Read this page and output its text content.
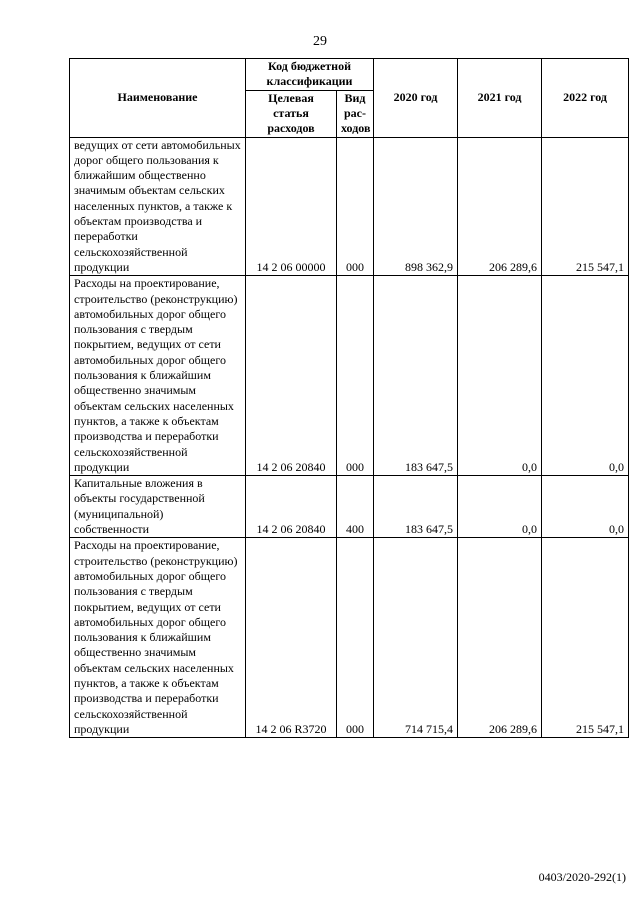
29
Наименование	Код бюджетной классификации		2020 год	2021 год	2022 год
	Целевая статья расходов	Вид рас-ходов			
ведущих от сети автомобильных дорог общего пользования к ближайшим общественно значимым объектам сельских населенных пунктов, а также к объектам производства и переработки сельскохозяйственной продукции	14 2 06 00000	000	898 362,9	206 289,6	215 547,1
Расходы на проектирование, строительство (реконструкцию) автомобильных дорог общего пользования с твердым покрытием, ведущих от сети автомобильных дорог общего пользования к ближайшим общественно значимым объектам сельских населенных пунктов, а также к объектам производства и переработки сельскохозяйственной продукции	14 2 06 20840	000	183 647,5	0,0	0,0
Капитальные вложения в объекты государственной (муниципальной) собственности	14 2 06 20840	400	183 647,5	0,0	0,0
Расходы на проектирование, строительство (реконструкцию) автомобильных дорог общего пользования с твердым покрытием, ведущих от сети автомобильных дорог общего пользования к ближайшим общественно значимым объектам сельских населенных пунктов, а также к объектам производства и переработки сельскохозяйственной продукции	14 2 06 R3720	000	714 715,4	206 289,6	215 547,1
0403/2020-292(1)
